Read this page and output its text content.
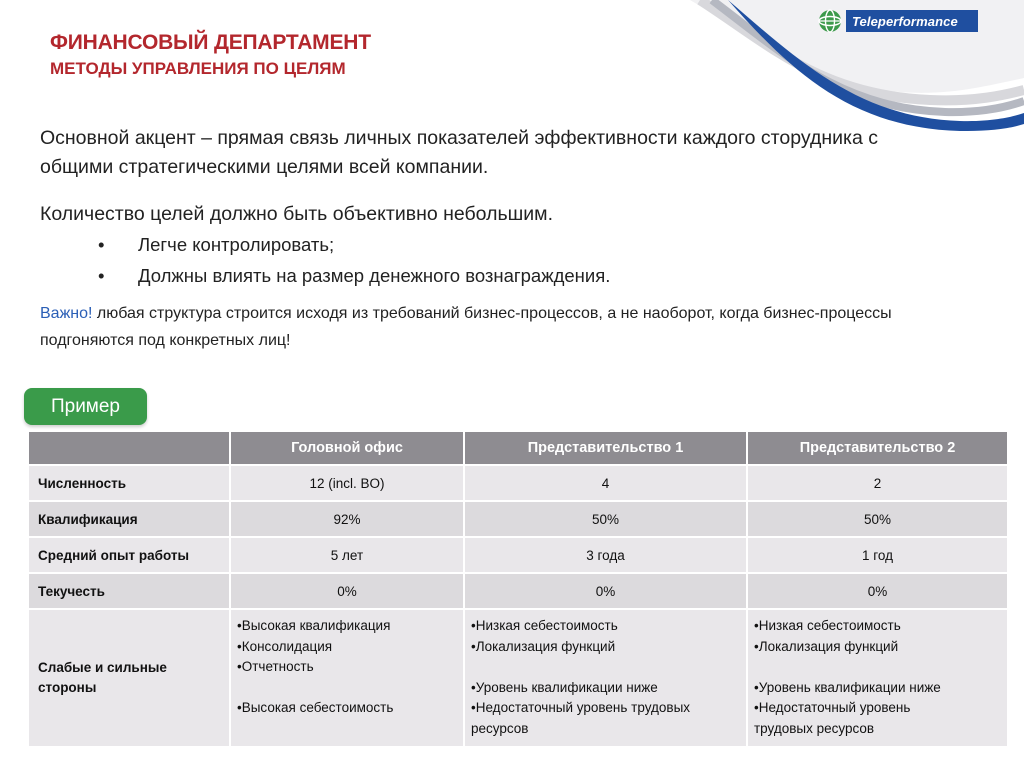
Teleperformance
ФИНАНСОВЫЙ ДЕПАРТАМЕНТ
МЕТОДЫ УПРАВЛЕНИЯ ПО ЦЕЛЯМ
Основной акцент – прямая связь личных показателей эффективности каждого сторудника с общими стратегическими целями всей компании.
Количество целей должно быть объективно небольшим.
•	Легче контролировать;
•	Должны влиять на размер денежного вознаграждения.
Важно! любая структура строится исходя из требований бизнес-процессов, а не наоборот, когда бизнес-процессы подгоняются под конкретных лиц!
Пример
	Головной офис	Представительство 1	Представительство 2
Численность	12 (incl. BO)	4	2
Квалификация	92%	50%	50%
Средний опыт работы	5 лет	3 года	1 год
Текучесть	0%	0%	0%
Слабые и сильные стороны	•Высокая квалификация
•Консолидация
•Отчетность
•Высокая себестоимость	•Низкая себестоимость
•Локализация функций
•Уровень квалификации ниже
•Недостаточный уровень трудовых ресурсов	•Низкая себестоимость
•Локализация функций
•Уровень квалификации ниже
•Недостаточный уровень
трудовых ресурсов
